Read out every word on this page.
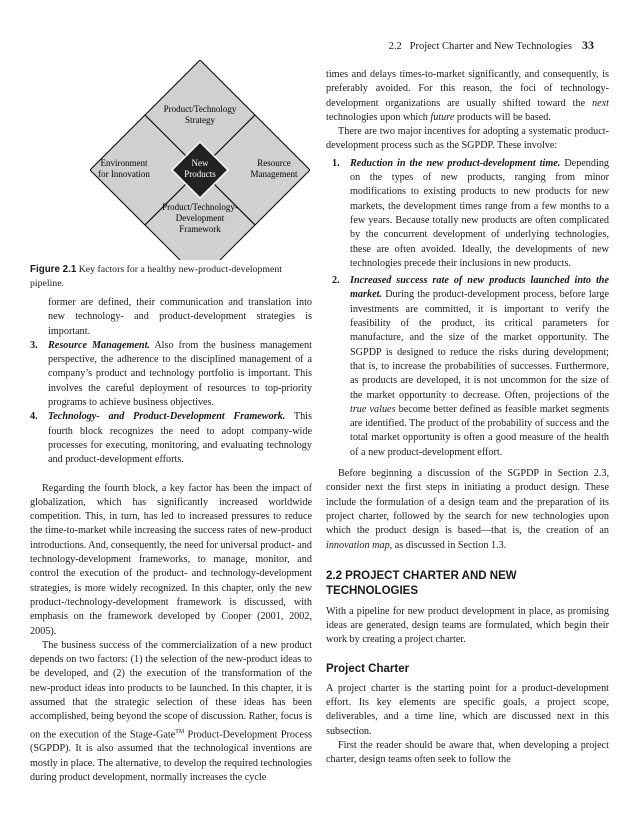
2.2 Project Charter and New Technologies 33
Product/Technology
Strategy
Environment
for Innovation
New
Products
Resource
Management
Product/Technology-
Development
Framework
Figure 2.1 Key factors for a healthy new-product-development pipeline.
former are defined, their communication and translation into new technology- and product-development strategies is important.
3. Resource Management. Also from the business management perspective, the adherence to the disciplined management of a company’s product and technology portfolio is important. This involves the careful deployment of resources to top-priority programs to achieve business objectives.
4. Technology- and Product-Development Framework. This fourth block recognizes the need to adopt company-wide processes for executing, monitoring, and evaluating technology and product-development efforts.

Regarding the fourth block, a key factor has been the impact of globalization, which has significantly increased worldwide competition. This, in turn, has led to increased pressures to reduce the time-to-market while increasing the success rates of new-product introductions. And, consequently, the need for universal product- and technology-development frameworks, to manage, monitor, and control the execution of the product- and technology-development strategies, is more widely recognized. In this chapter, only the new product-/technology-development framework is discussed, with emphasis on the framework developed by Cooper (2001, 2002, 2005).

The business success of the commercialization of a new product depends on two factors: (1) the selection of the new-product ideas to be developed, and (2) the execution of the transformation of the new-product ideas into products to be launched. In this chapter, it is assumed that the strategic selection of these ideas has been accomplished, being beyond the scope of discussion. Rather, focus is on the execution of the Stage-Gate™ Product-Development Process (SGPDP). It is also assumed that the technological inventions are mostly in place. The alternative, to develop the required technologies during product development, normally increases the cycle

times and delays times-to-market significantly, and consequently, is preferably avoided. For this reason, the foci of technology-development organizations are usually shifted toward the next technologies upon which future products will be based.

There are two major incentives for adopting a systematic product-development process such as the SGPDP. These involve:

1. Reduction in the new product-development time. Depending on the types of new products, ranging from minor modifications to existing products to new products for new markets, the development times range from a few months to a few years. Because totally new products are often complicated by the concurrent development of underlying technologies, these are often avoided. Ideally, the developments of new technologies precede their inclusions in new products.
2. Increased success rate of new products launched into the market. During the product-development process, before large investments are committed, it is important to verify the feasibility of the product, its critical parameters for manufacture, and the size of the market opportunity. The SGPDP is designed to reduce the risks during development; that is, to increase the probabilities of successes. Furthermore, as products are developed, it is not uncommon for the size of the market opportunity to decrease. Often, projections of the true values become better defined as feasible market segments are identified. The product of the probability of success and the total market opportunity is often a good measure of the health of a new product-development effort.

Before beginning a discussion of the SGPDP in Section 2.3, consider next the first steps in initiating a product design. These include the formulation of a design team and the preparation of its project charter, followed by the search for new technologies upon which the product design is based—that is, the creation of an innovation map, as discussed in Section 1.3.

2.2 PROJECT CHARTER AND NEW TECHNOLOGIES

With a pipeline for new product development in place, as promising ideas are generated, design teams are formulated, which begin their work by creating a project charter.

Project Charter

A project charter is the starting point for a product-development effort. Its key elements are specific goals, a project scope, deliverables, and a time line, which are discussed next in this subsection.

First the reader should be aware that, when developing a project charter, design teams often seek to follow the
